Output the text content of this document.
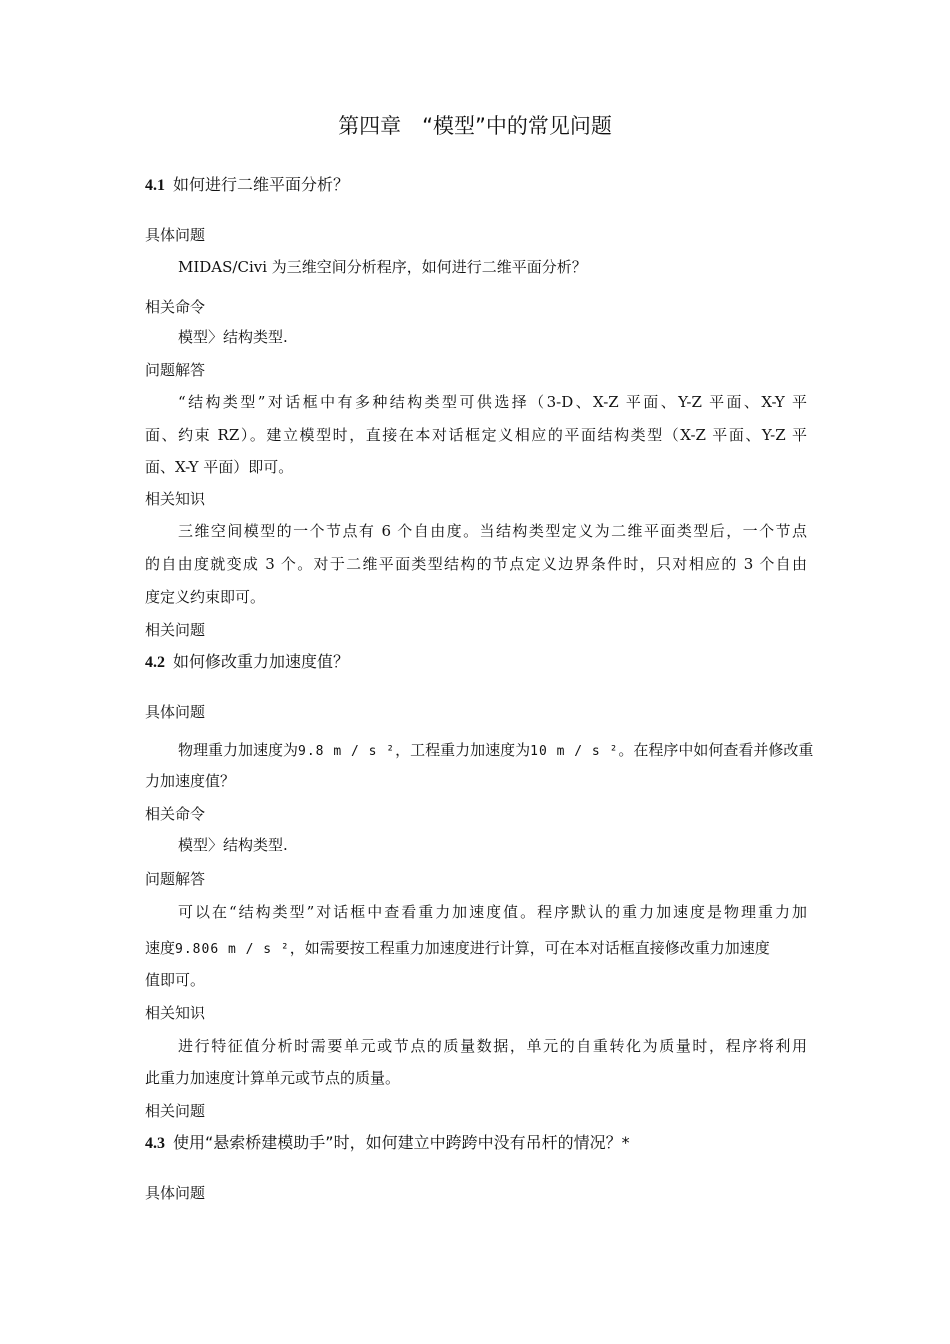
第四章　“模型”中的常见问题
4.1 如何进行二维平面分析？
具体问题
MIDAS/Civi 为三维空间分析程序，如何进行二维平面分析？
相关命令
模型〉结构类型.
问题解答
“结构类型”对话框中有多种结构类型可供选择（3-D、X-Z 平面、Y-Z 平面、X-Y 平
面、约束 RZ）。建立模型时，直接在本对话框定义相应的平面结构类型（X-Z 平面、Y-Z 平
面、X-Y 平面）即可。
相关知识
三维空间模型的一个节点有 6 个自由度。当结构类型定义为二维平面类型后，一个节点
的自由度就变成 3 个。对于二维平面类型结构的节点定义边界条件时，只对相应的 3 个自由
度定义约束即可。
相关问题
4.2 如何修改重力加速度值？
具体问题
物理重力加速度为9.8 m / s ²，工程重力加速度为10 m / s ²。在程序中如何查看并修改重
力加速度值？
相关命令
模型〉结构类型.
问题解答
可以在“结构类型”对话框中查看重力加速度值。程序默认的重力加速度是物理重力加
速度9.806 m / s ²，如需要按工程重力加速度进行计算，可在本对话框直接修改重力加速度
值即可。
相关知识
进行特征值分析时需要单元或节点的质量数据，单元的自重转化为质量时，程序将利用
此重力加速度计算单元或节点的质量。
相关问题
4.3 使用“悬索桥建模助手”时，如何建立中跨跨中没有吊杆的情况？*
具体问题
